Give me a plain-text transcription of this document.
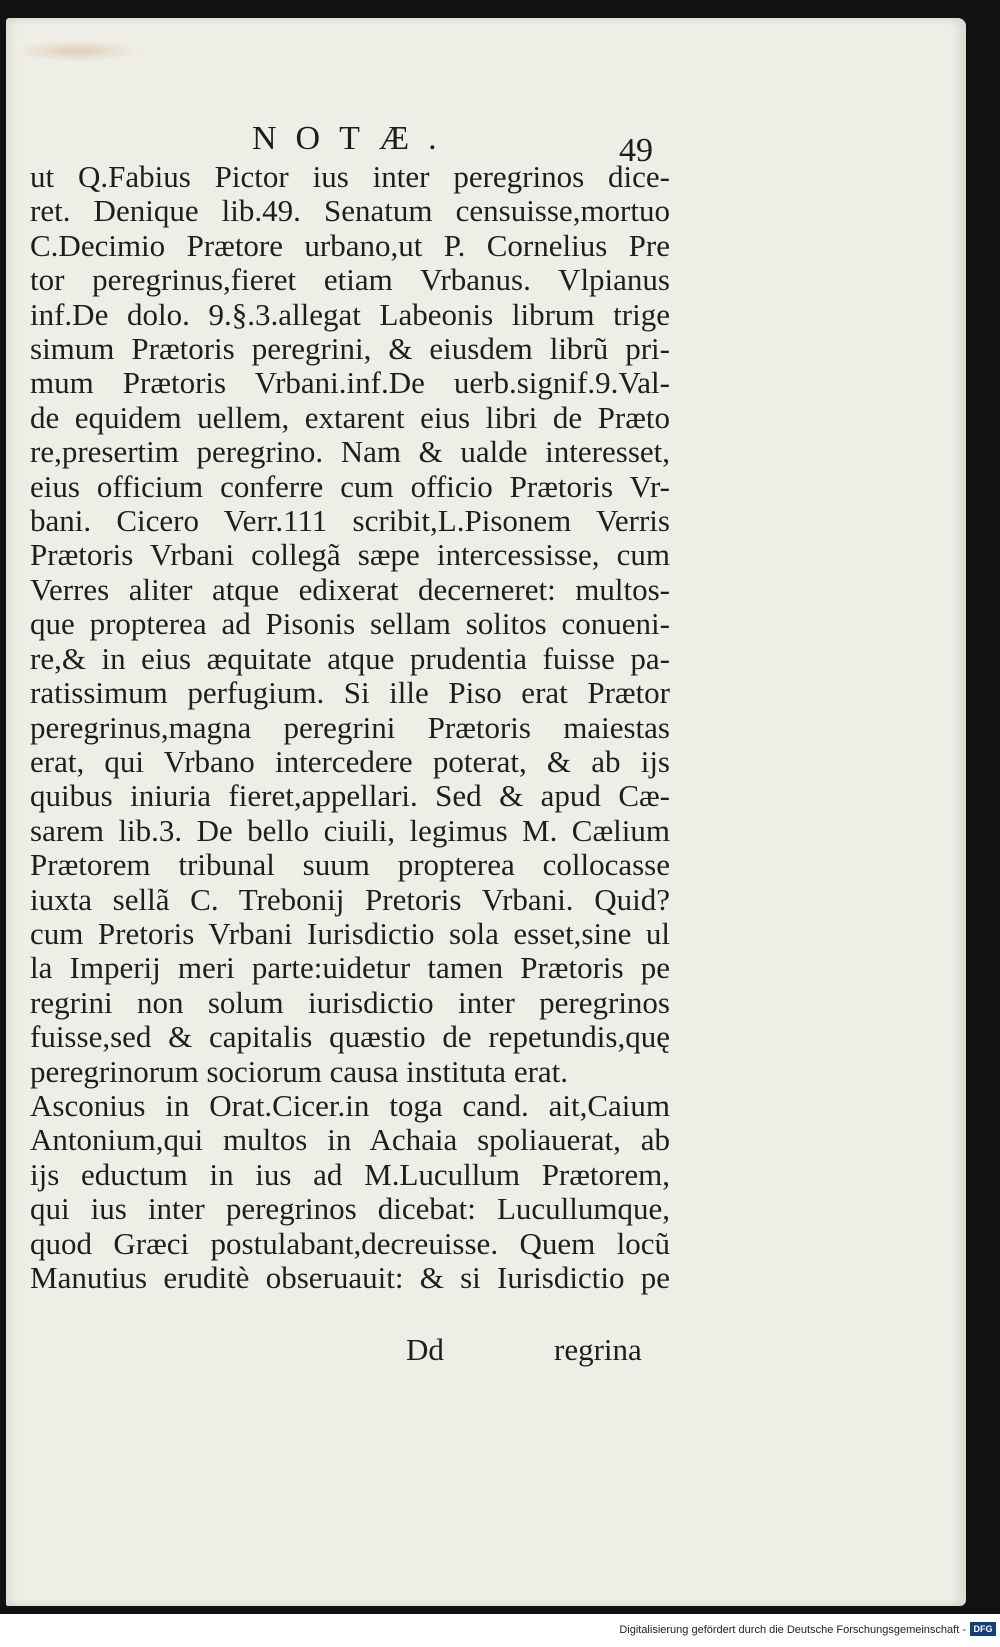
NOTÆ.	49
ut Q.Fabius Pictor ius inter peregrinos dice-
ret. Denique lib.49. Senatum censuisse,mortuo
C.Decimio Prætore urbano,ut P. Cornelius Pre
tor peregrinus,fieret etiam Vrbanus. Vlpianus
inf.De dolo. 9.§.3.allegat Labeonis librum trige
simum Prætoris peregrini, & eiusdem librũ pri-
mum Prætoris Vrbani.inf.De uerb.signif.9.Val-
de equidem uellem, extarent eius libri de Præto
re,presertim peregrino. Nam & ualde interesset,
eius officium conferre cum officio Prætoris Vr-
bani. Cicero Verr.111 scribit,L.Pisonem Verris
Prætoris Vrbani collegã sæpe intercessisse, cum
Verres aliter atque edixerat decerneret: multos-
que propterea ad Pisonis sellam solitos conueni-
re,& in eius æquitate atque prudentia fuisse pa-
ratissimum perfugium. Si ille Piso erat Prætor
peregrinus,magna peregrini Prætoris maiestas
erat, qui Vrbano intercedere poterat, & ab ijs
quibus iniuria fieret,appellari. Sed & apud Cæ-
sarem lib.3. De bello ciuili, legimus M. Cælium
Prætorem tribunal suum propterea collocasse
iuxta sellã C. Trebonij Pretoris Vrbani. Quid?
cum Pretoris Vrbani Iurisdictio sola esset,sine ul
la Imperij meri parte:uidetur tamen Prætoris pe
regrini non solum iurisdictio inter peregrinos
fuisse,sed & capitalis quæstio de repetundis,quę
peregrinorum sociorum causa instituta erat.
Asconius in Orat.Cicer.in toga cand. ait,Caium
Antonium,qui multos in Achaia spoliauerat, ab
ijs eductum in ius ad M.Lucullum Prætorem,
qui ius inter peregrinos dicebat: Lucullumque,
quod Græci postulabant,decreuisse. Quem locũ
Manutius eruditè obseruauit: & si Iurisdictio pe
Dd	regrina
Digitalisierung gefördert durch die Deutsche Forschungsgemeinschaft - DFG
